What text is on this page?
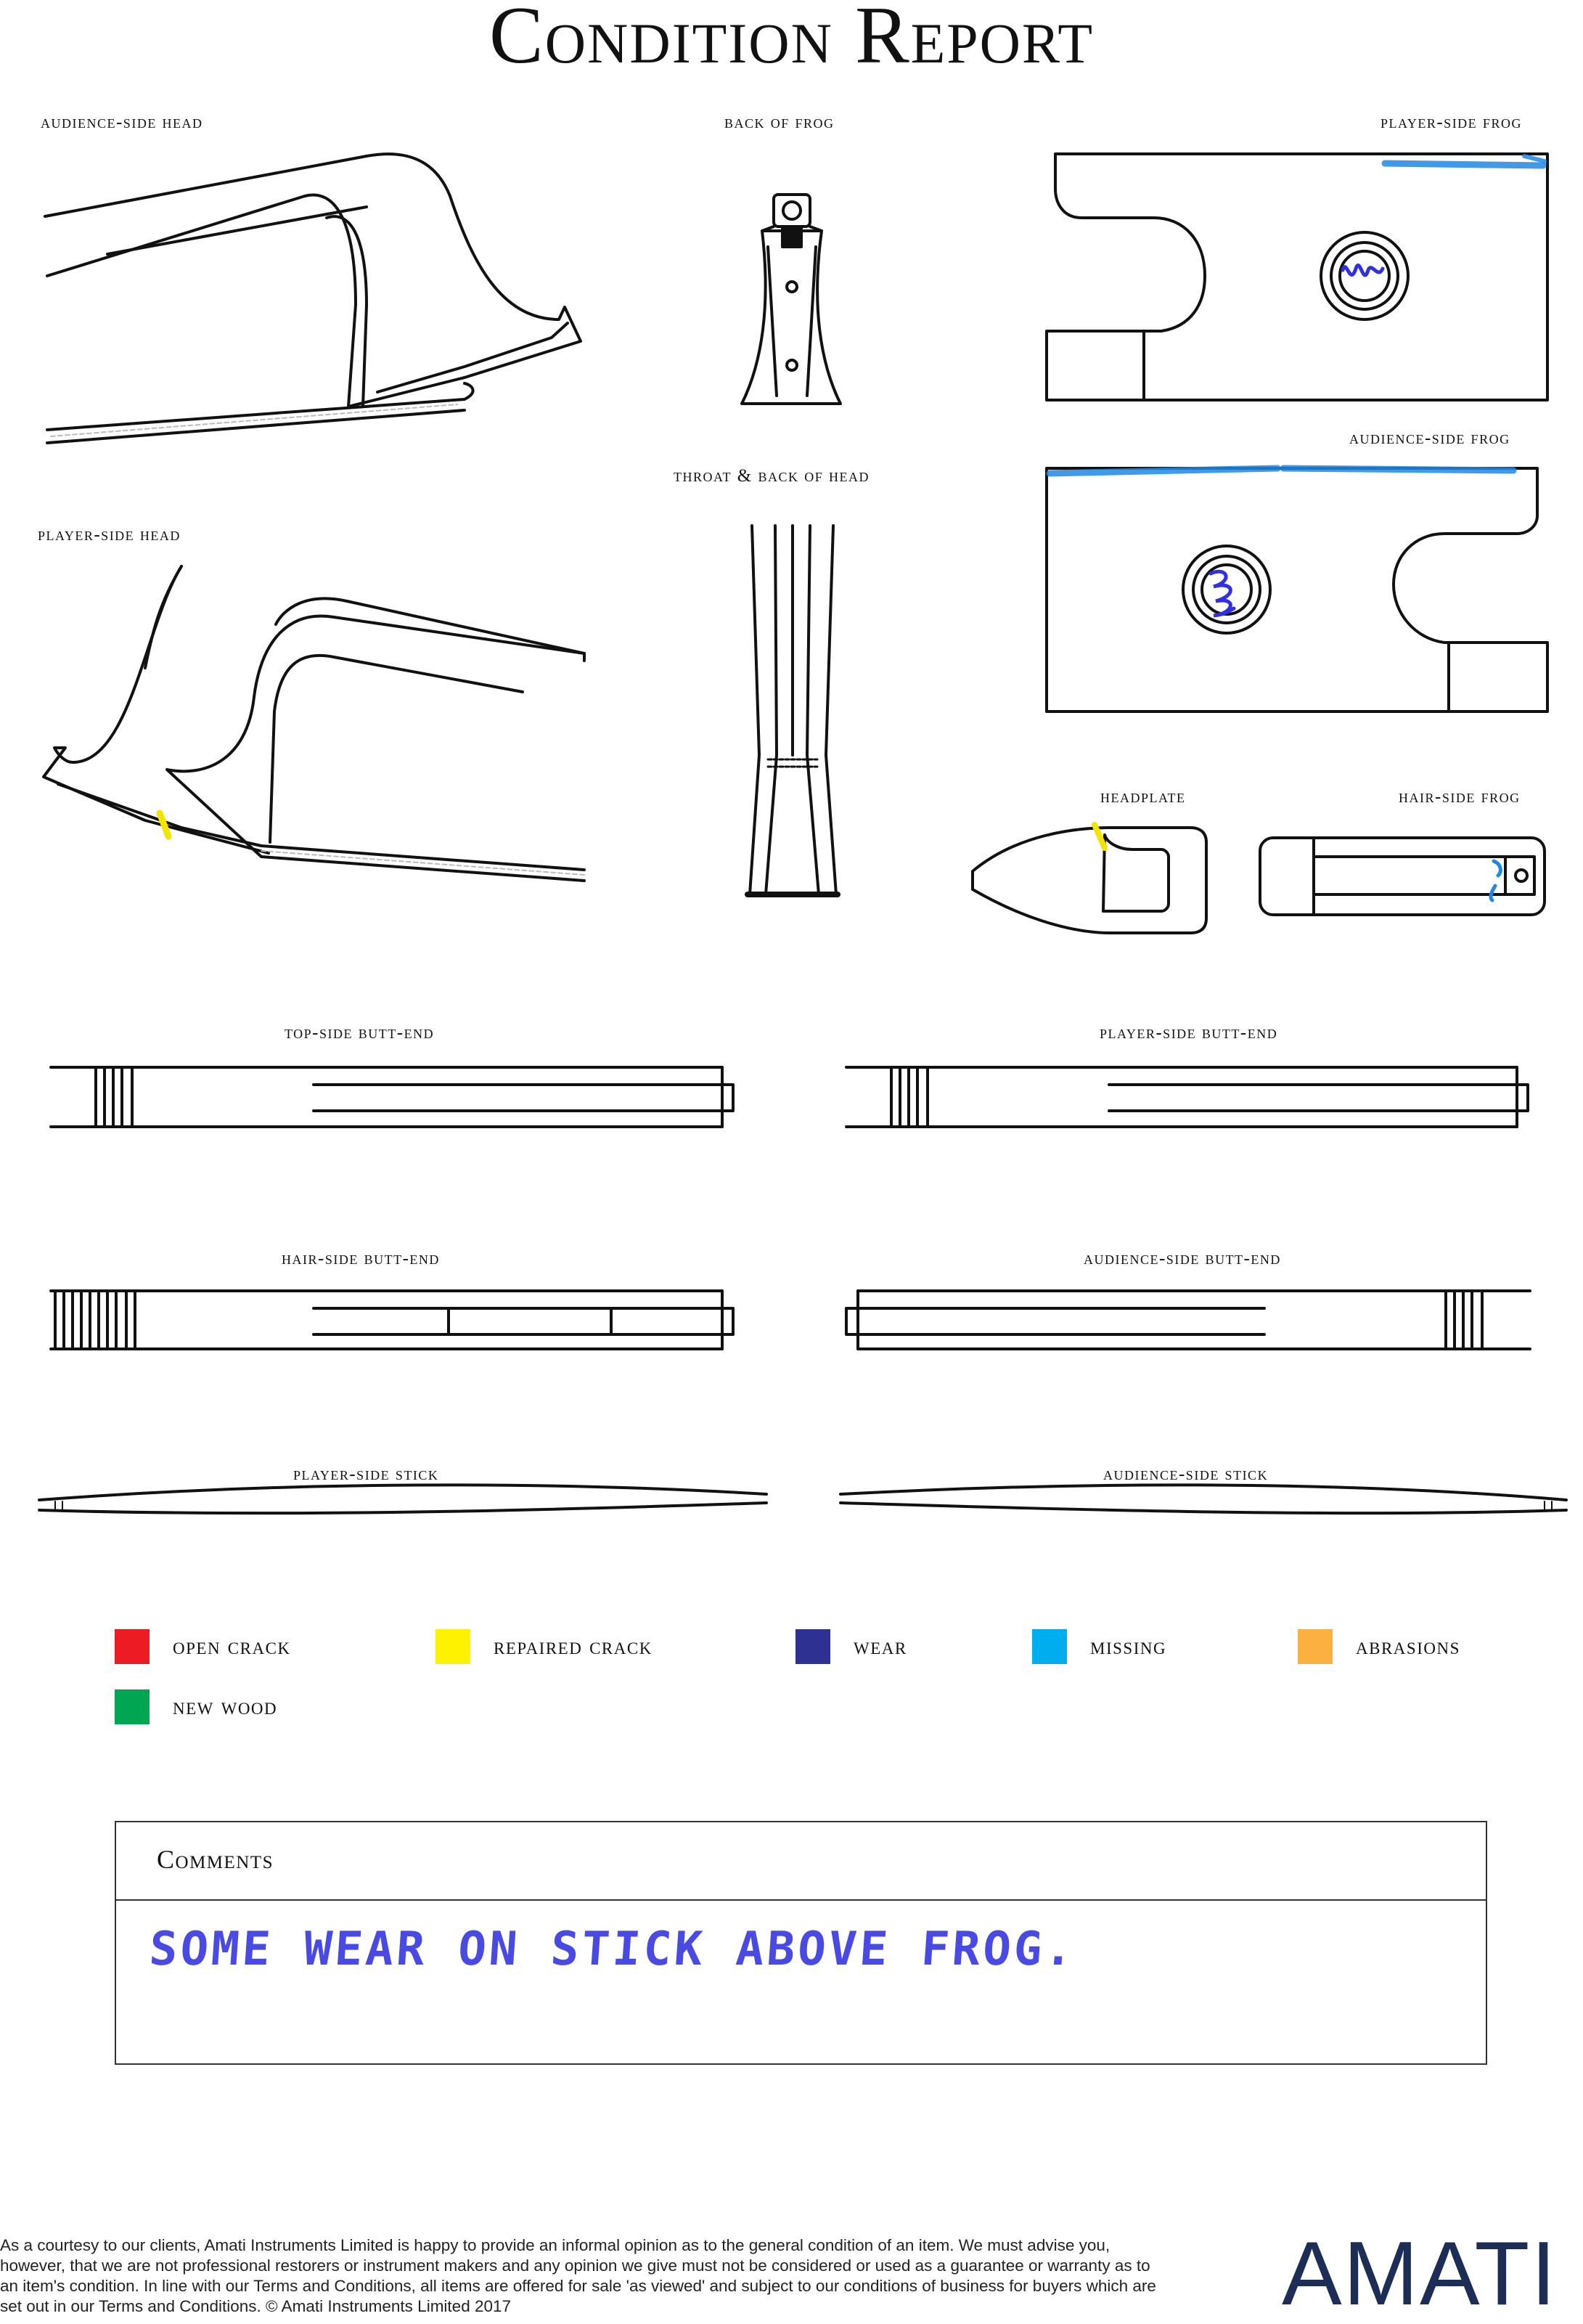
Condition Report
audience-side head	back of frog	player-side frog
audience-side frog
throat & back of head
player-side head
headplate	hair-side frog
top-side butt-end	player-side butt-end
hair-side butt-end	audience-side butt-end
player-side stick	audience-side stick
open crack	repaired crack	wear	missing	abrasions
new wood
Comments
SOME WEAR ON STICK ABOVE FROG.
As a courtesy to our clients, Amati Instruments Limited is happy to provide an informal opinion as to the general condition of an item. We must advise you, however, that we are not professional restorers or instrument makers and any opinion we give must not be considered or used as a guarantee or warranty as to an item's condition. In line with our Terms and Conditions, all items are offered for sale 'as viewed' and subject to our conditions of business for buyers which are set out in our Terms and Conditions. © Amati Instruments Limited 2017	AMATI
